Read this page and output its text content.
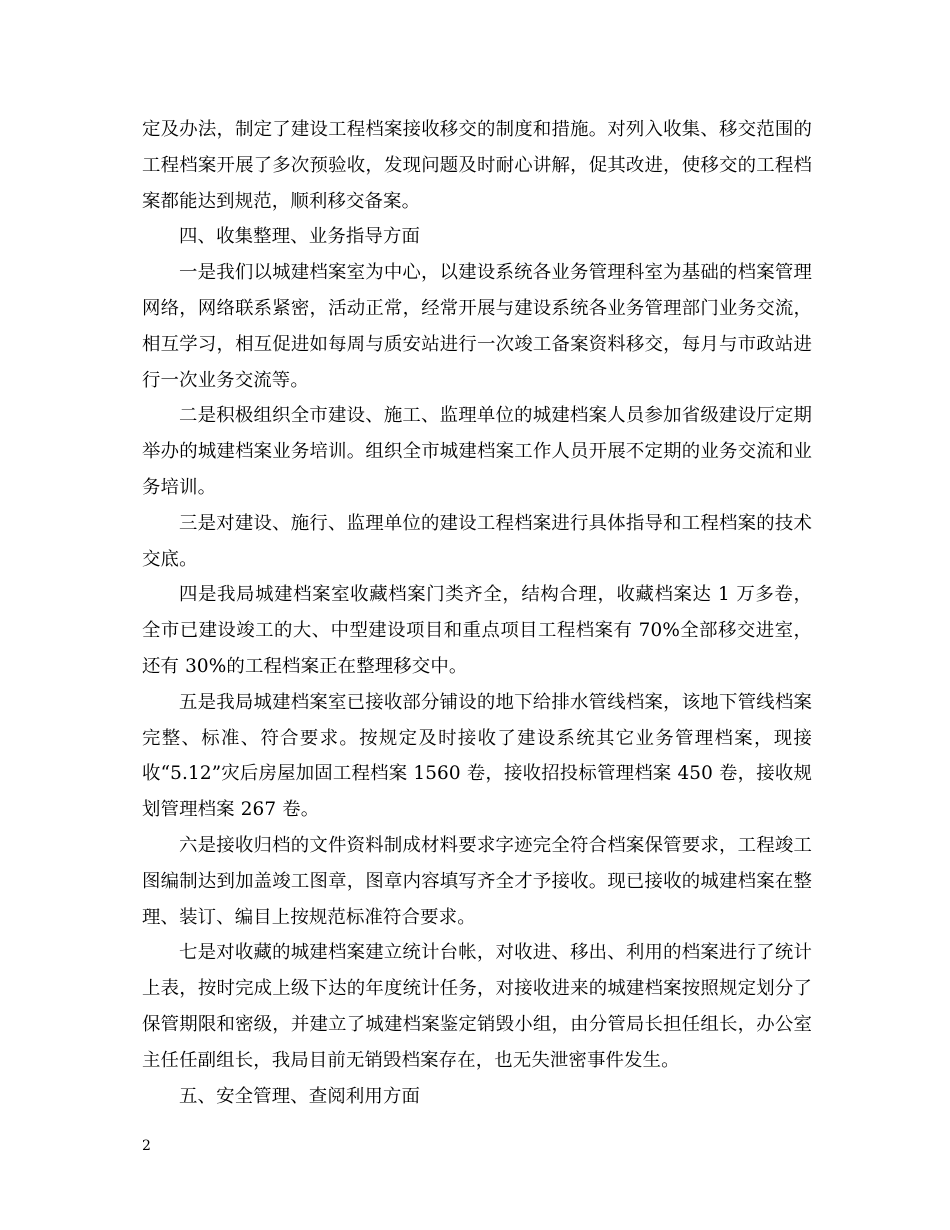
定及办法，制定了建设工程档案接收移交的制度和措施。对列入收集、移交范围的工程档案开展了多次预验收，发现问题及时耐心讲解，促其改进，使移交的工程档案都能达到规范，顺利移交备案。

四、收集整理、业务指导方面

一是我们以城建档案室为中心，以建设系统各业务管理科室为基础的档案管理网络，网络联系紧密，活动正常，经常开展与建设系统各业务管理部门业务交流，相互学习，相互促进如每周与质安站进行一次竣工备案资料移交，每月与市政站进行一次业务交流等。

二是积极组织全市建设、施工、监理单位的城建档案人员参加省级建设厅定期举办的城建档案业务培训。组织全市城建档案工作人员开展不定期的业务交流和业务培训。

三是对建设、施行、监理单位的建设工程档案进行具体指导和工程档案的技术交底。

四是我局城建档案室收藏档案门类齐全，结构合理，收藏档案达 1 万多卷，全市已建设竣工的大、中型建设项目和重点项目工程档案有 70%全部移交进室，还有 30%的工程档案正在整理移交中。

五是我局城建档案室已接收部分铺设的地下给排水管线档案，该地下管线档案完整、标准、符合要求。按规定及时接收了建设系统其它业务管理档案，现接收“5.12”灾后房屋加固工程档案 1560 卷，接收招投标管理档案 450 卷，接收规划管理档案 267 卷。

六是接收归档的文件资料制成材料要求字迹完全符合档案保管要求，工程竣工图编制达到加盖竣工图章，图章内容填写齐全才予接收。现已接收的城建档案在整理、装订、编目上按规范标准符合要求。

七是对收藏的城建档案建立统计台帐，对收进、移出、利用的档案进行了统计上表，按时完成上级下达的年度统计任务，对接收进来的城建档案按照规定划分了保管期限和密级，并建立了城建档案鉴定销毁小组，由分管局长担任组长，办公室主任任副组长，我局目前无销毁档案存在，也无失泄密事件发生。

五、安全管理、查阅利用方面

2
